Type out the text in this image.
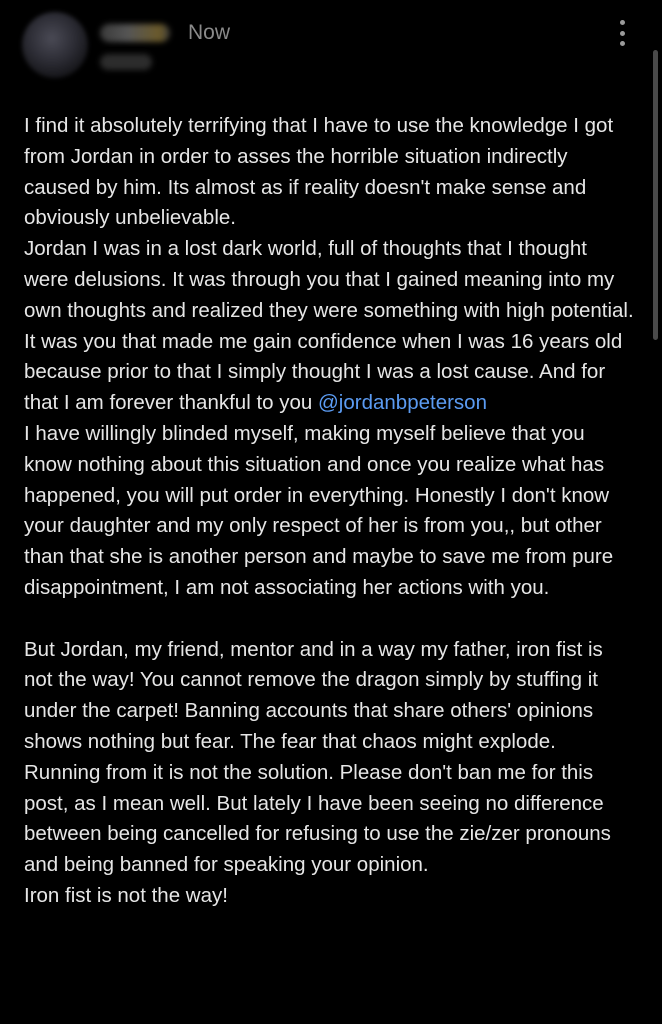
Now

I find it absolutely terrifying that I have to use the knowledge I got from Jordan in order to asses the horrible situation indirectly caused by him. Its almost as if reality doesn't make sense and obviously unbelievable.

Jordan I was in a lost dark world, full of thoughts that I thought were delusions. It was through you that I gained meaning into my own thoughts and realized they were something with high potential. It was you that made me gain confidence when I was 16 years old because prior to that I simply thought I was a lost cause. And for that I am forever thankful to you @jordanbpeterson

I have willingly blinded myself, making myself believe that you know nothing about this situation and once you realize what has happened, you will put order in everything. Honestly I don't know your daughter and my only respect of her is from you,, but other than that she is another person and maybe to save me from pure disappointment, I am not associating her actions with you.

But Jordan, my friend, mentor and in a way my father, iron fist is not the way! You cannot remove the dragon simply by stuffing it under the carpet! Banning accounts that share others' opinions shows nothing but fear. The fear that chaos might explode. Running from it is not the solution. Please don't ban me for this post, as I mean well. But lately I have been seeing no difference between being cancelled for refusing to use the zie/zer pronouns and being banned for speaking your opinion.

Iron fist is not the way!
